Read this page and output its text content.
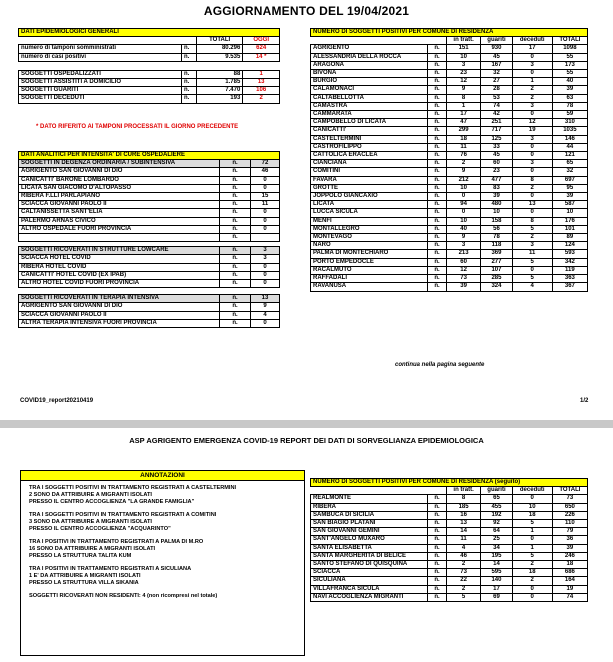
AGGIORNAMENTO DEL 19/04/2021
DATI EPIDEMIOLOGICI GENERALI			
		TOTALI	OGGI
numero di tamponi somministrati	n.	80.296	624
numero di casi positivi	n.	9.535	14 *

SOGGETTI OSPEDALIZZATI	n.	88	1
SOGGETTI ASSISTITI A DOMICILIO	n.	1.785	13
SOGGETTI GUARITI	n.	7.470	106
SOGGETTI DECEDUTI	n.	193	2
* DATO RIFERITO AI TAMPONI PROCESSATI IL GIORNO PRECEDENTE
DATI ANALITICI PER INTENSITA' DI CURE OSPEDALIERE		
SOGGETTI IN DEGENZA ORDINARIA / SUBINTENSIVA	n.	72
AGRIGENTO SAN GIOVANNI DI DIO	n.	46
CANICATTI' BARONE LOMBARDO	n.	0
LICATA SAN GIACOMO D'ALTOPASSO	n.	0
RIBERA F.LLI PARLAPIANO	n.	15
SCIACCA GIOVANNI PAOLO II	n.	11
CALTANISSETTA SANT'ELIA	n.	0
PALERMO ARNAS CIVICO	n.	0
ALTRO OSPEDALE FUORI PROVINCIA	n.	0
	n.	

SOGGETTI RICOVERATI IN STRUTTURE LOWCARE	n.	3
SCIACCA HOTEL COVID	n.	3
RIBERA HOTEL COVID	n.	0
CANICATTI' HOTEL COVID (EX IPAB)	n.	0
ALTRO HOTEL COVID FUORI PROVINCIA	n.	0

SOGGETTI RICOVERATI IN TERAPIA INTENSIVA	n.	13
AGRIGENTO SAN GIOVANNI DI DIO	n.	9
SCIACCA GIOVANNI PAOLO II	n.	4
ALTRA TERAPIA INTENSIVA FUORI PROVINCIA	n.	0
NUMERO DI SOGGETTI POSITIVI PER COMUNE DI RESIDENZA					
		in tratt.	guariti	deceduti	TOTALI
AGRIGENTO	n.	151	930	17	1098
ALESSANDRIA DELLA ROCCA	n.	10	45	0	55
ARAGONA	n.	3	167	3	173
BIVONA	n.	23	32	0	55
BURGIO	n.	12	27	1	40
CALAMONACI	n.	9	28	2	39
CALTABELLOTTA	n.	8	53	2	63
CAMASTRA	n.	1	74	3	78
CAMMARATA	n.	17	42	0	59
CAMPOBELLO DI LICATA	n.	47	251	12	310
CANICATTI'	n.	299	717	19	1035
CASTELTERMINI	n.	18	125	3	146
CASTROFILIPPO	n.	11	33	0	44
CATTOLICA ERACLEA	n.	76	45	0	121
CIANCIANA	n.	2	60	3	65
COMITINI	n.	9	23	0	32
FAVARA	n.	212	477	8	697
GROTTE	n.	10	83	2	95
JOPPOLO GIANCAXIO	n.	0	39	0	39
LICATA	n.	94	480	13	587
LUCCA SICULA	n.	0	10	0	10
MENFI	n.	10	158	8	176
MONTALLEGRO	n.	40	56	5	101
MONTEVAGO	n.	9	78	2	89
NARO	n.	3	118	3	124
PALMA DI MONTECHIARO	n.	213	369	11	593
PORTO EMPEDOCLE	n.	60	277	5	342
RACALMUTO	n.	12	107	0	119
RAFFADALI	n.	73	285	5	363
RAVANUSA	n.	39	324	4	367
continua nella pagina seguente
COVID19_report20210419	1/2
ASP AGRIGENTO EMERGENZA COVID-19 REPORT DEI DATI DI SORVEGLIANZA EPIDEMIOLOGICA
ANNOTAZIONI

TRA I SOGGETTI POSITIVI IN TRATTAMENTO REGISTRATI A CASTELTERMINI
2 SONO DA ATTRIBUIRE A MIGRANTI ISOLATI
PRESSO IL CENTRO ACCOGLIENZA "LA GRANDE FAMIGLIA"

TRA I SOGGETTI POSITIVI IN TRATTAMENTO REGISTRATI A COMITINI
3 SONO DA ATTRIBUIRE A MIGRANTI ISOLATI
PRESSO IL CENTRO ACCOGLIENZA "ACQUARINTO"

TRA I POSITIVI IN TRATTAMENTO REGISTRATI A PALMA DI M.RO
16 SONO DA ATTRIBUIRE A MIGRANTI ISOLATI
PRESSO LA STRUTTURA TALITA KUM

TRA I POSITIVI IN TRATTAMENTO REGISTRATI A SICULIANA
1 E' DA ATTRIBUIRE A MIGRANTI ISOLATI
PRESSO LA STRUTTURA VILLA SIKANIA

SOGGETTI RICOVERATI NON RESIDENTI: 4 (non ricompresi nel totale)

NUMERO DI SOGGETTI POSITIVI PER COMUNE DI RESIDENZA (seguito)					
		in tratt.	guariti	deceduti	TOTALI
REALMONTE	n.	8	65	0	73
RIBERA	n.	185	455	10	650
SAMBUCA DI SICILIA	n.	16	192	18	226
SAN BIAGIO PLATANI	n.	13	92	5	110
SAN GIOVANNI GEMINI	n.	14	64	1	79
SANT'ANGELO MUXARO	n.	11	25	0	36
SANTA ELISABETTA	n.	4	34	1	39
SANTA MARGHERITA DI BELICE	n.	46	195	5	246
SANTO STEFANO DI QUISQUINA	n.	2	14	2	18
SCIACCA	n.	73	595	18	686
SICULIANA	n.	22	140	2	164
VILLAFRANCA SICULA	n.	2	17	0	19
NAVI ACCOGLIENZA MIGRANTI	n.	5	69	0	74
